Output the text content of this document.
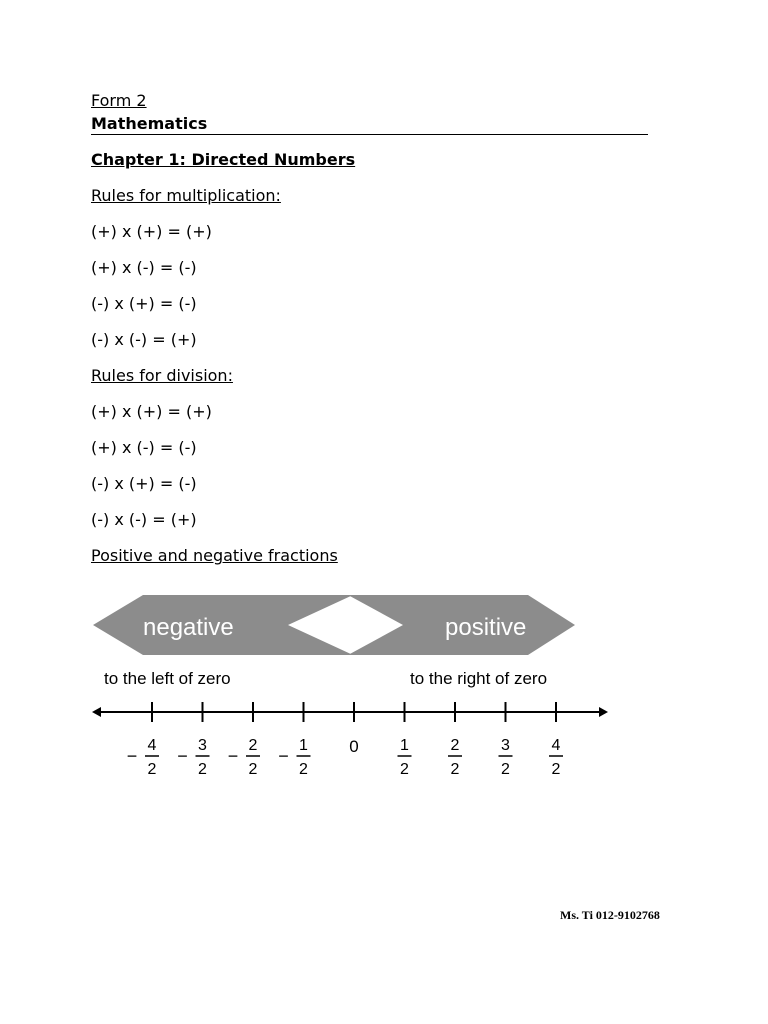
Form 2
Mathematics
Chapter 1: Directed Numbers
Rules for multiplication:
(+) x (+) = (+)
(+) x (-) = (-)
(-) x (+) = (-)
(-) x (-) = (+)
Rules for division:
(+) x (+) = (+)
(+) x (-) = (-)
(-) x (+) = (-)
(-) x (-) = (+)
Positive and negative fractions
negative	positive
to the left of zero	to the right of zero
4
2
−
3
2
−
2
2
−
1
2
−	0	1
2
2
2
3
2
4
2
Ms. Ti 012-9102768
